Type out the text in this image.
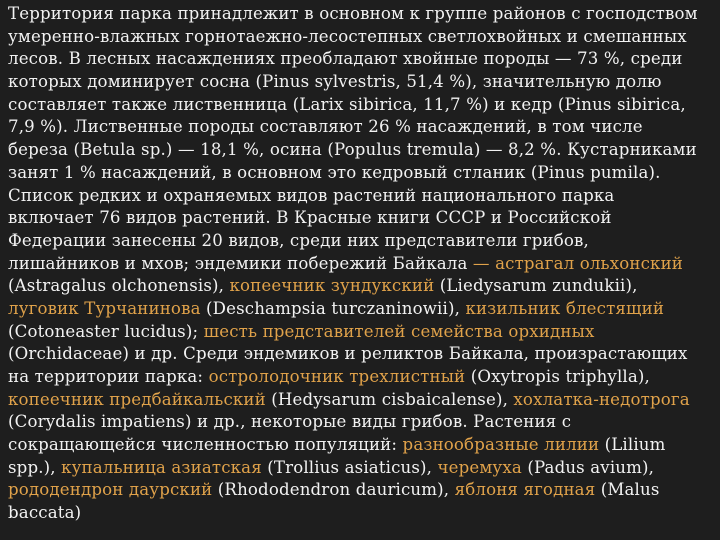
Территория парка принадлежит в основном к группе районов с господством
умеренно-влажных горнотаежно-лесостепных светлохвойных и смешанных
лесов. В лесных насаждениях преобладают хвойные породы — 73 %, среди
которых доминирует сосна (Pinus sylvestris, 51,4 %), значительную долю
составляет также лиственница (Larix sibirica, 11,7 %) и кедр (Pinus sibirica,
7,9 %). Лиственные породы составляют 26 % насаждений, в том числе
береза (Betula sp.) — 18,1 %, осина (Populus tremula) — 8,2 %. Кустарниками
занят 1 % насаждений, в основном это кедровый стланик (Pinus pumila).
Список редких и охраняемых видов растений национального парка
включает 76 видов растений. В Красные книги СССР и Российской
Федерации занесены 20 видов, среди них представители грибов,
лишайников и мхов; эндемики побережий Байкала — астрагал ольхонский
(Astragalus olchonensis), копеечник зундукский (Liedysarum zundukii),
луговик Турчанинова (Deschampsia turczaninowii), кизильник блестящий
(Cotoneaster lucidus); шесть представителей семейства орхидных
(Orchidaceae) и др. Среди эндемиков и реликтов Байкала, произрастающих
на территории парка: остролодочник трехлистный (Oxytropis triphylla),
копеечник предбайкальский (Hedysarum cisbaicalense), хохлатка-недотрога
(Corydalis impatiens) и др., некоторые виды грибов. Растения с
сокращающейся численностью популяций: разнообразные лилии (Lilium
spp.), купальница азиатская (Trollius asiaticus), черемуха (Padus avium),
рододендрон даурский (Rhododendron dauricum), яблоня ягодная (Malus
baccata)
